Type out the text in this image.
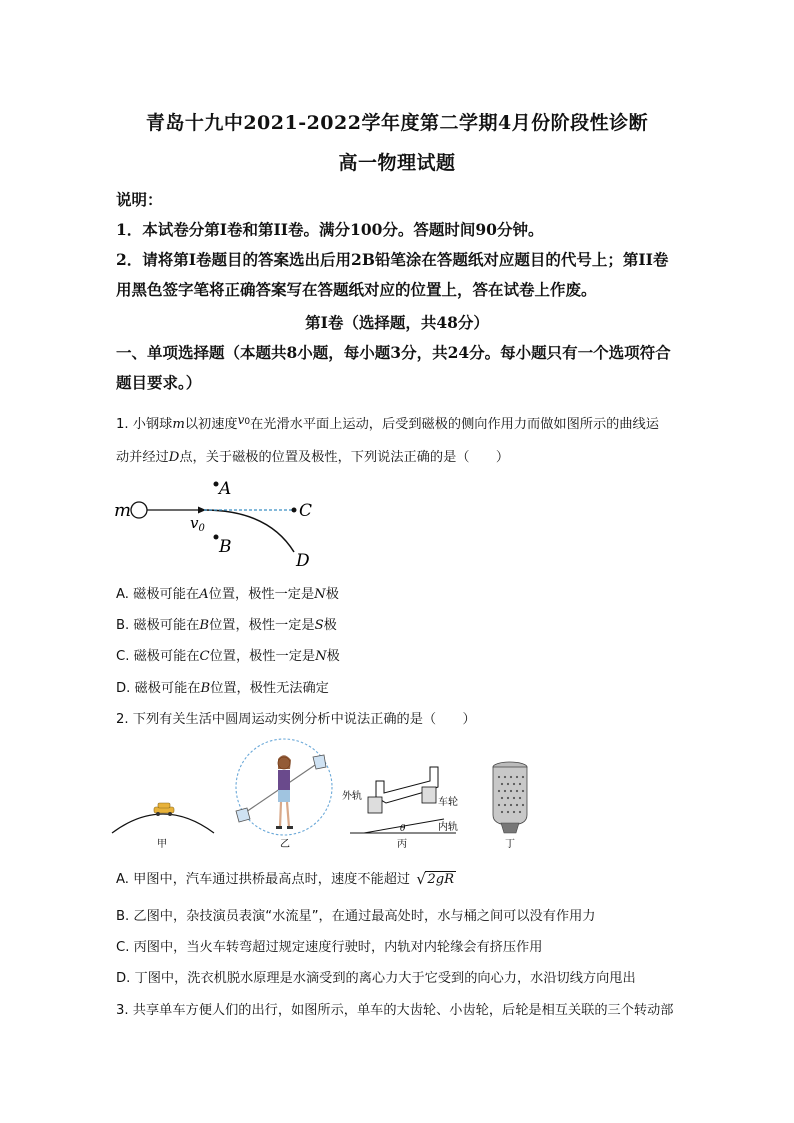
青岛十九中2021-2022学年度第二学期4月份阶段性诊断
高一物理试题
说明：
1．本试卷分第I卷和第II卷。满分100分。答题时间90分钟。
2．请将第I卷题目的答案选出后用2B铅笔涂在答题纸对应题目的代号上；第II卷
用黑色签字笔将正确答案写在答题纸对应的位置上，答在试卷上作废。
第I卷（选择题，共48分）
一、单项选择题（本题共8小题，每小题3分，共24分。每小题只有一个选项符合
题目要求。）
1. 小钢球m以初速度$v_0$在光滑水平面上运动，后受到磁极的侧向作用力而做如图所示的曲线运
动并经过D点，关于磁极的位置及极性，下列说法正确的是（　　）
m
$v_0$
A
B
C
D
A. 磁极可能在A位置，极性一定是N极
B. 磁极可能在B位置，极性一定是S极
C. 磁极可能在C位置，极性一定是N极
D. 磁极可能在B位置，极性无法确定
2. 下列有关生活中圆周运动实例分析中说法正确的是（　　）
甲	乙
θ
外轨
车轮
内轨
丙	丁
A. 甲图中，汽车通过拱桥最高点时，速度不能超过 √ 2gR
B. 乙图中，杂技演员表演“水流星”，在通过最高处时，水与桶之间可以没有作用力
C. 丙图中，当火车转弯超过规定速度行驶时，内轨对内轮缘会有挤压作用
D. 丁图中，洗衣机脱水原理是水滴受到的离心力大于它受到的向心力，水沿切线方向甩出
3. 共享单车方便人们的出行，如图所示，单车的大齿轮、小齿轮，后轮是相互关联的三个转动部
